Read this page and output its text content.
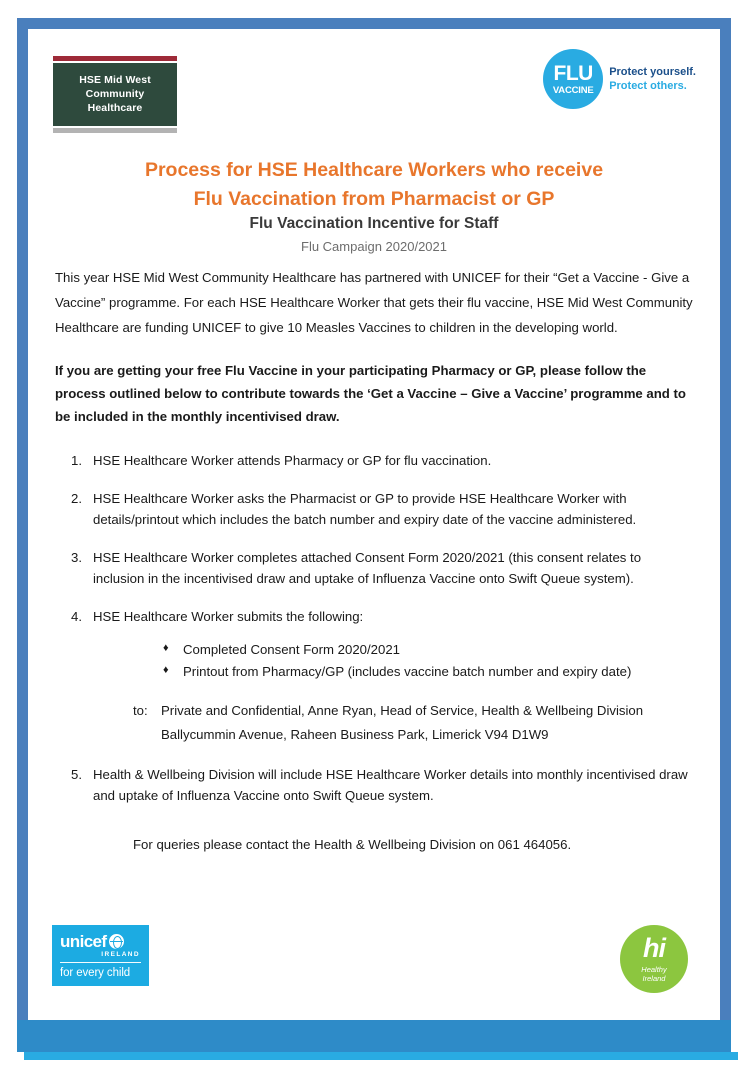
HSE Mid West
Community Healthcare
FLU
VACCINE
Protect yourself.
Protect others.
Process for HSE Healthcare Workers who receive
Flu Vaccination from Pharmacist or GP
Flu Vaccination Incentive for Staff
Flu Campaign 2020/2021

This year HSE Mid West Community Healthcare has partnered with UNICEF for their “Get a Vaccine - Give a Vaccine” programme. For each HSE Healthcare Worker that gets their flu vaccine, HSE Mid West Community Healthcare are funding UNICEF to give 10 Measles Vaccines to children in the developing world.

If you are getting your free Flu Vaccine in your participating Pharmacy or GP, please follow the process outlined below to contribute towards the ‘Get a Vaccine – Give a Vaccine’ programme and to be included in the monthly incentivised draw.

HSE Healthcare Worker attends Pharmacy or GP for flu vaccination.
HSE Healthcare Worker asks the Pharmacist or GP to provide HSE Healthcare Worker with details/printout which includes the batch number and expiry date of the vaccine administered.
HSE Healthcare Worker completes attached Consent Form 2020/2021 (this consent relates to inclusion in the incentivised draw and uptake of Influenza Vaccine onto Swift Queue system).
HSE Healthcare Worker submits the following:
♦ Completed Consent Form 2020/2021
♦ Printout from Pharmacy/GP (includes vaccine batch number and expiry date)
to:	Private and Confidential, Anne Ryan, Head of Service, Health & Wellbeing Division
Ballycummin Avenue, Raheen Business Park, Limerick V94 D1W9
Health & Wellbeing Division will include HSE Healthcare Worker details into monthly incentivised draw and uptake of Influenza Vaccine onto Swift Queue system.
For queries please contact the Health & Wellbeing Division on 061 464056.
unicef
IRELAND
for every child
hi
Healthy
Ireland
